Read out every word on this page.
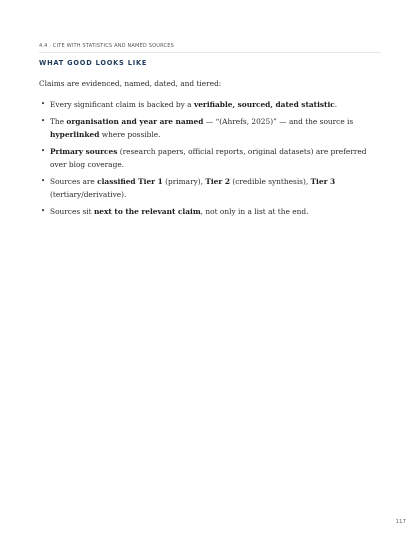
4.4 · CITE WITH STATISTICS AND NAMED SOURCES
WHAT GOOD LOOKS LIKE

Claims are evidenced, named, dated, and tiered:

• Every significant claim is backed by a verifiable, sourced, dated statistic.
• The organisation and year are named — “(Ahrefs, 2025)” — and the source is hyperlinked where possible.
• Primary sources (research papers, official reports, original datasets) are preferred over blog coverage.
• Sources are classified Tier 1 (primary), Tier 2 (credible synthesis), Tier 3 (tertiary/derivative).
• Sources sit next to the relevant claim, not only in a list at the end.
117
